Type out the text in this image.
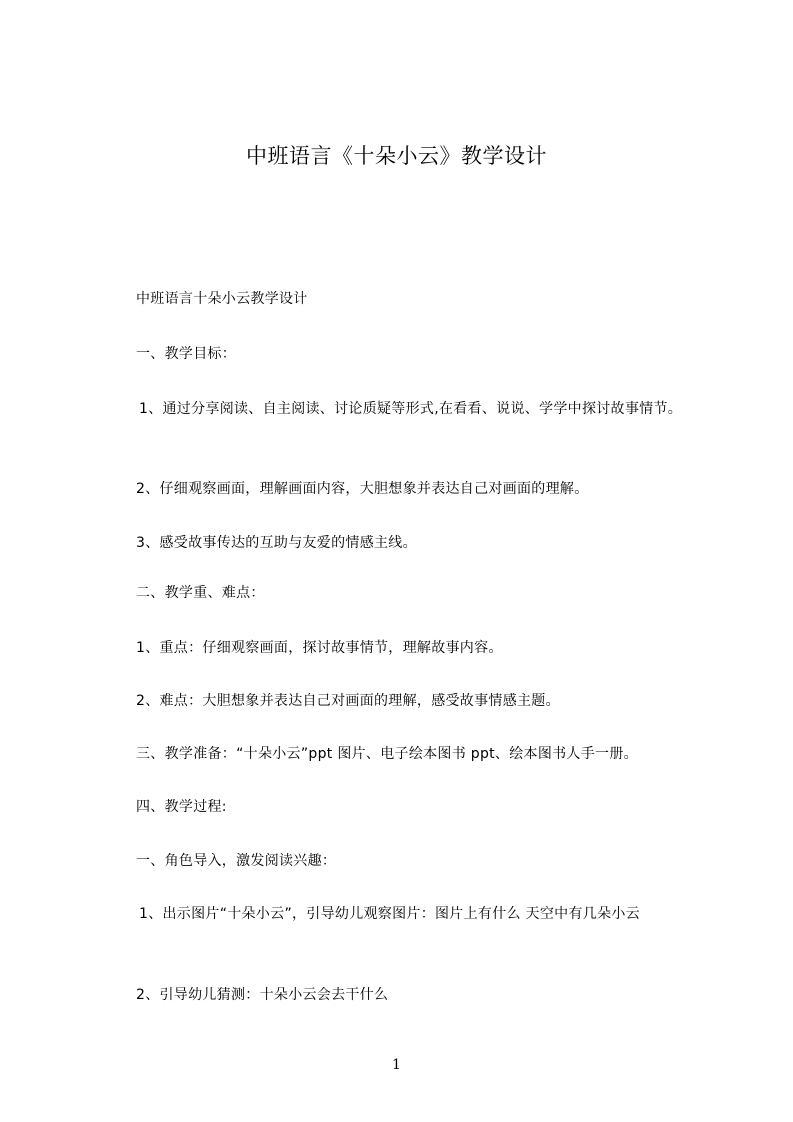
中班语言《十朵小云》教学设计
中班语言十朵小云教学设计
一、教学目标：
1、通过分享阅读、自主阅读、讨论质疑等形式,在看看、说说、学学中探讨故事情节。
2、仔细观察画面，理解画面内容，大胆想象并表达自己对画面的理解。
3、感受故事传达的互助与友爱的情感主线。
二、教学重、难点：
1、重点：仔细观察画面，探讨故事情节，理解故事内容。
2、难点：大胆想象并表达自己对画面的理解，感受故事情感主题。
三、教学准备：“十朵小云”ppt 图片、电子绘本图书 ppt、绘本图书人手一册。
四、教学过程:
一、角色导入，激发阅读兴趣：
1、出示图片“十朵小云”，引导幼儿观察图片：图片上有什么 天空中有几朵小云
2、引导幼儿猜测：十朵小云会去干什么
1
